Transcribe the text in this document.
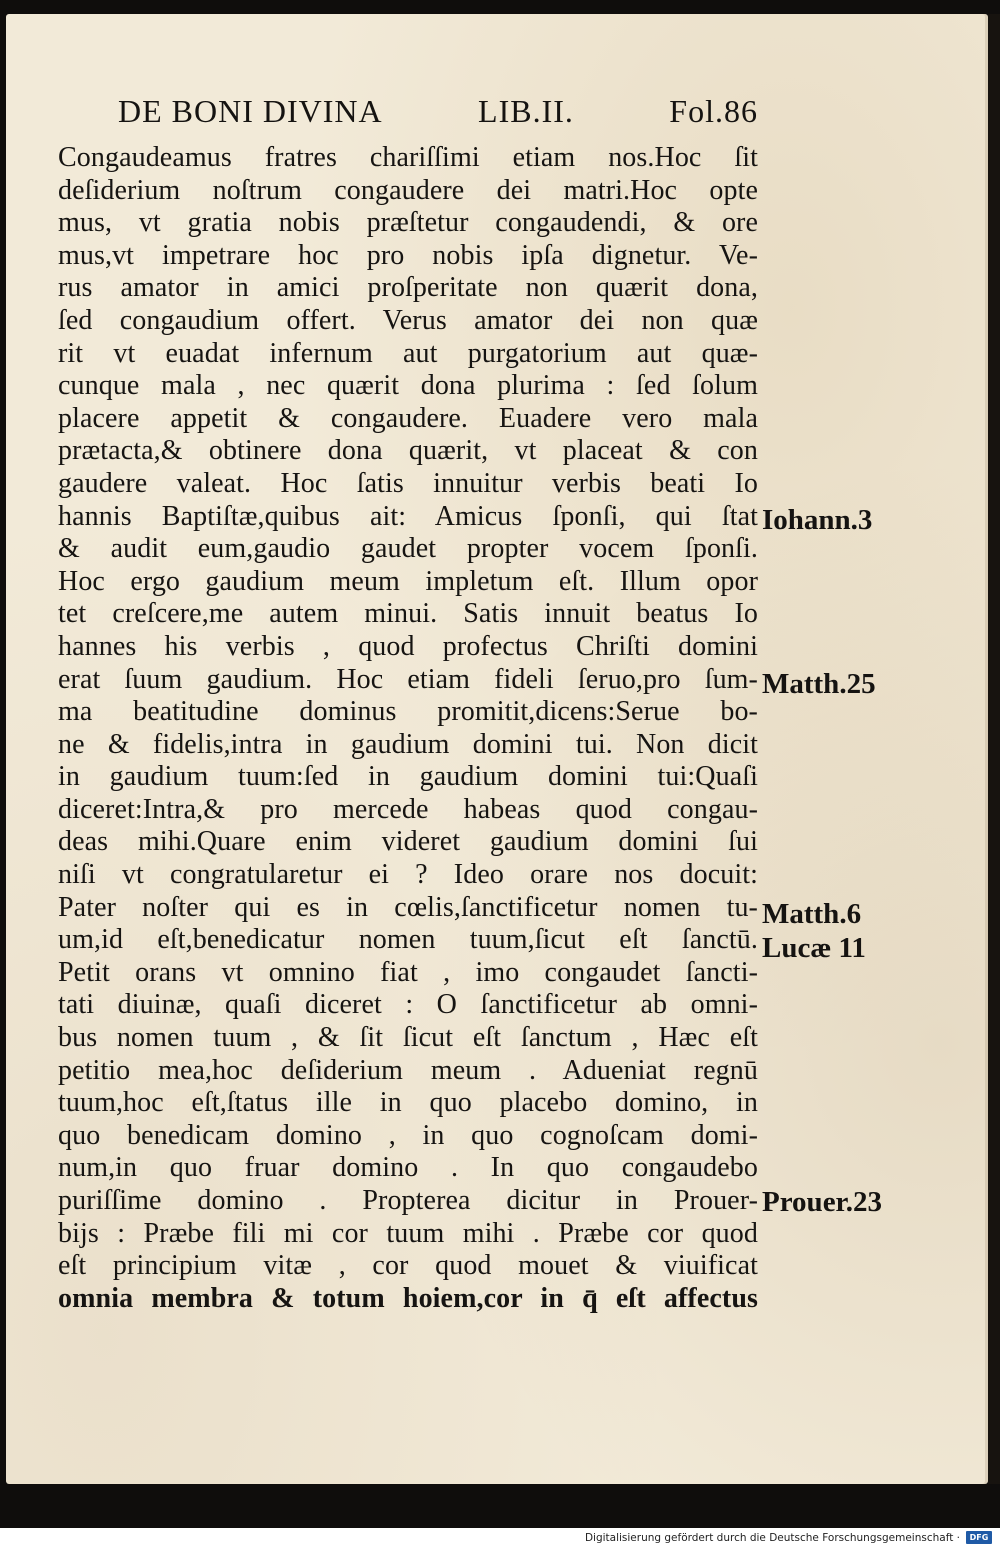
DE BONI DIVINA	LIB.II.	Fol.86
Congaudeamus fratres chariſſimi etiam nos.Hoc ſit
deſiderium noſtrum congaudere dei matri.Hoc opte
mus, vt gratia nobis præſtetur congaudendi, & ore
mus,vt impetrare hoc pro nobis ipſa dignetur. Ve-
rus amator in amici proſperitate non quærit dona,
ſed congaudium offert. Verus amator dei non quæ
rit vt euadat infernum aut purgatorium aut quæ-
cunque mala , nec quærit dona plurima : ſed ſolum
placere appetit & congaudere. Euadere vero mala
prætacta,& obtinere dona quærit, vt placeat & con
gaudere valeat. Hoc ſatis innuitur verbis beati Io
hannis Baptiſtæ,quibus ait: Amicus ſponſi, qui ſtat
& audit eum,gaudio gaudet propter vocem ſponſi.
Hoc ergo gaudium meum impletum eſt. Illum opor
tet creſcere,me autem minui. Satis innuit beatus Io
hannes his verbis , quod profectus Chriſti domini
erat ſuum gaudium. Hoc etiam fideli ſeruo,pro ſum-
ma beatitudine dominus promitit,dicens:Serue bo-
ne & fidelis,intra in gaudium domini tui. Non dicit
in gaudium tuum:ſed in gaudium domini tui:Quaſi
diceret:Intra,& pro mercede habeas quod congau-
deas mihi.Quare enim videret gaudium domini ſui
niſi vt congratularetur ei ? Ideo orare nos docuit:
Pater noſter qui es in cœlis,ſanctificetur nomen tu-
um,id eſt,benedicatur nomen tuum,ſicut eſt ſanctū.
Petit orans vt omnino fiat , imo congaudet ſancti-
tati diuinæ, quaſi diceret : O ſanctificetur ab omni-
bus nomen tuum , & ſit ſicut eſt ſanctum , Hæc eſt
petitio mea,hoc deſiderium meum . Adueniat regnū
tuum,hoc eſt,ſtatus ille in quo placebo domino, in
quo benedicam domino , in quo cognoſcam domi-
num,in quo fruar domino . In quo congaudebo
puriſſime domino . Propterea dicitur in Prouer-
bijs : Præbe fili mi cor tuum mihi . Præbe cor quod
eſt principium vitæ , cor quod mouet & viuificat
omnia membra & totum hoiem,cor in q̄ eſt affectus
Iohann.3
Matth.25
Matth.6
Lucæ 11
Prouer.23
Digitalisierung gefördert durch die Deutsche Forschungsgemeinschaft ·	DFG
